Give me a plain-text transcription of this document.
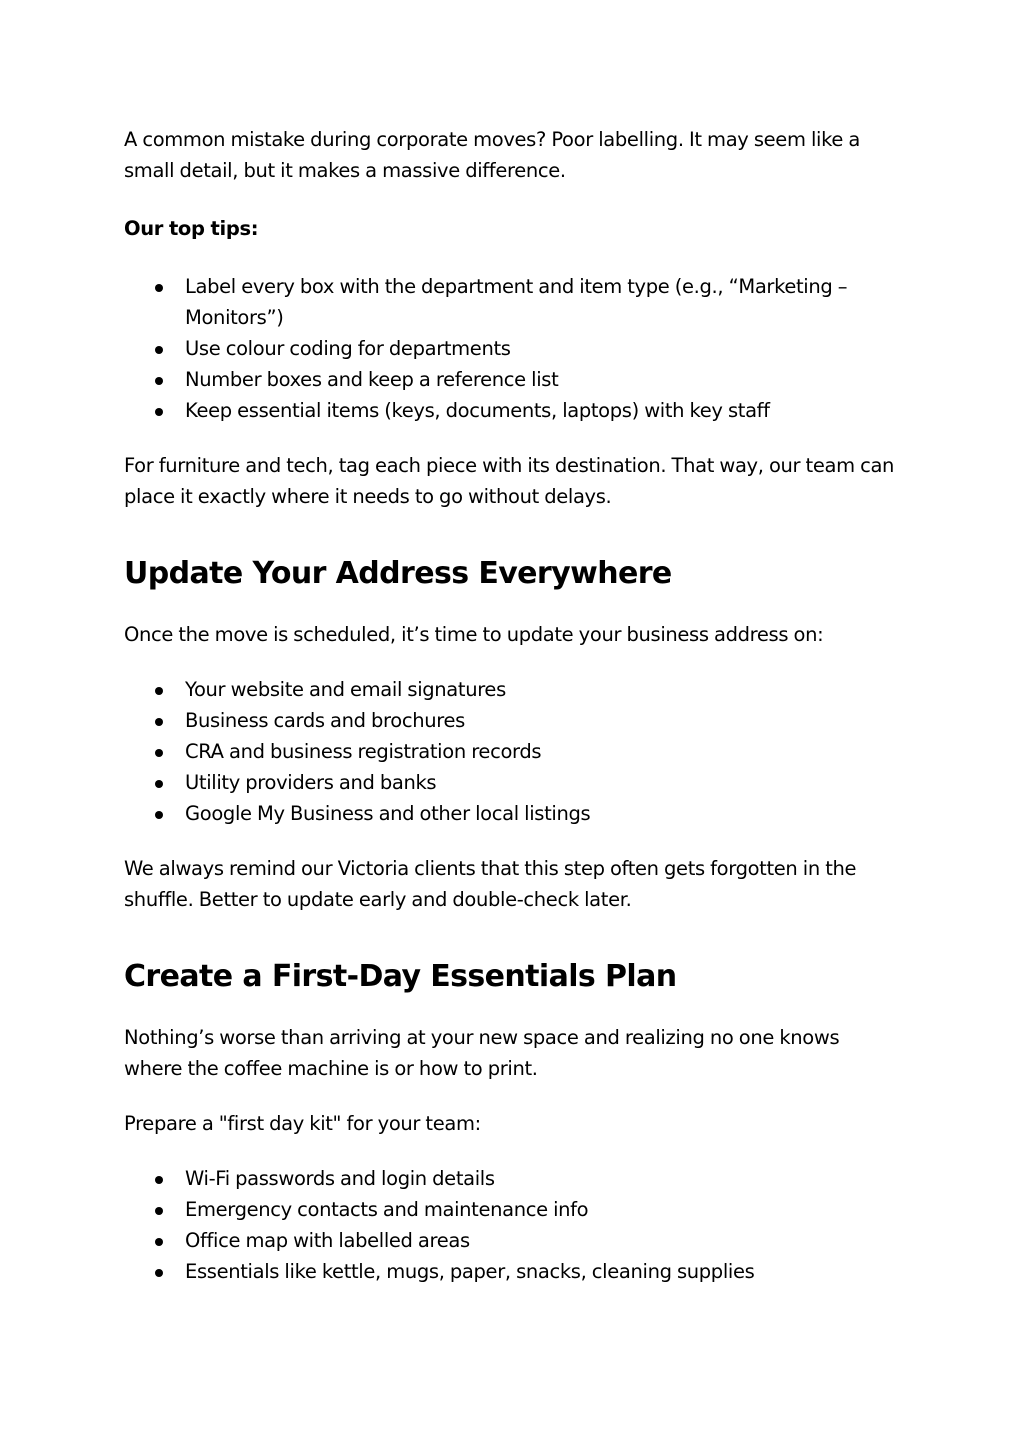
A common mistake during corporate moves? Poor labelling. It may seem like a small detail, but it makes a massive difference.

Our top tips:

Label every box with the department and item type (e.g., “Marketing – Monitors”)
Use colour coding for departments
Number boxes and keep a reference list
Keep essential items (keys, documents, laptops) with key staff

For furniture and tech, tag each piece with its destination. That way, our team can place it exactly where it needs to go without delays.

Update Your Address Everywhere

Once the move is scheduled, it’s time to update your business address on:

Your website and email signatures
Business cards and brochures
CRA and business registration records
Utility providers and banks
Google My Business and other local listings

We always remind our Victoria clients that this step often gets forgotten in the shuffle. Better to update early and double-check later.

Create a First-Day Essentials Plan

Nothing’s worse than arriving at your new space and realizing no one knows where the coffee machine is or how to print.

Prepare a "first day kit" for your team:

Wi-Fi passwords and login details
Emergency contacts and maintenance info
Office map with labelled areas
Essentials like kettle, mugs, paper, snacks, cleaning supplies
